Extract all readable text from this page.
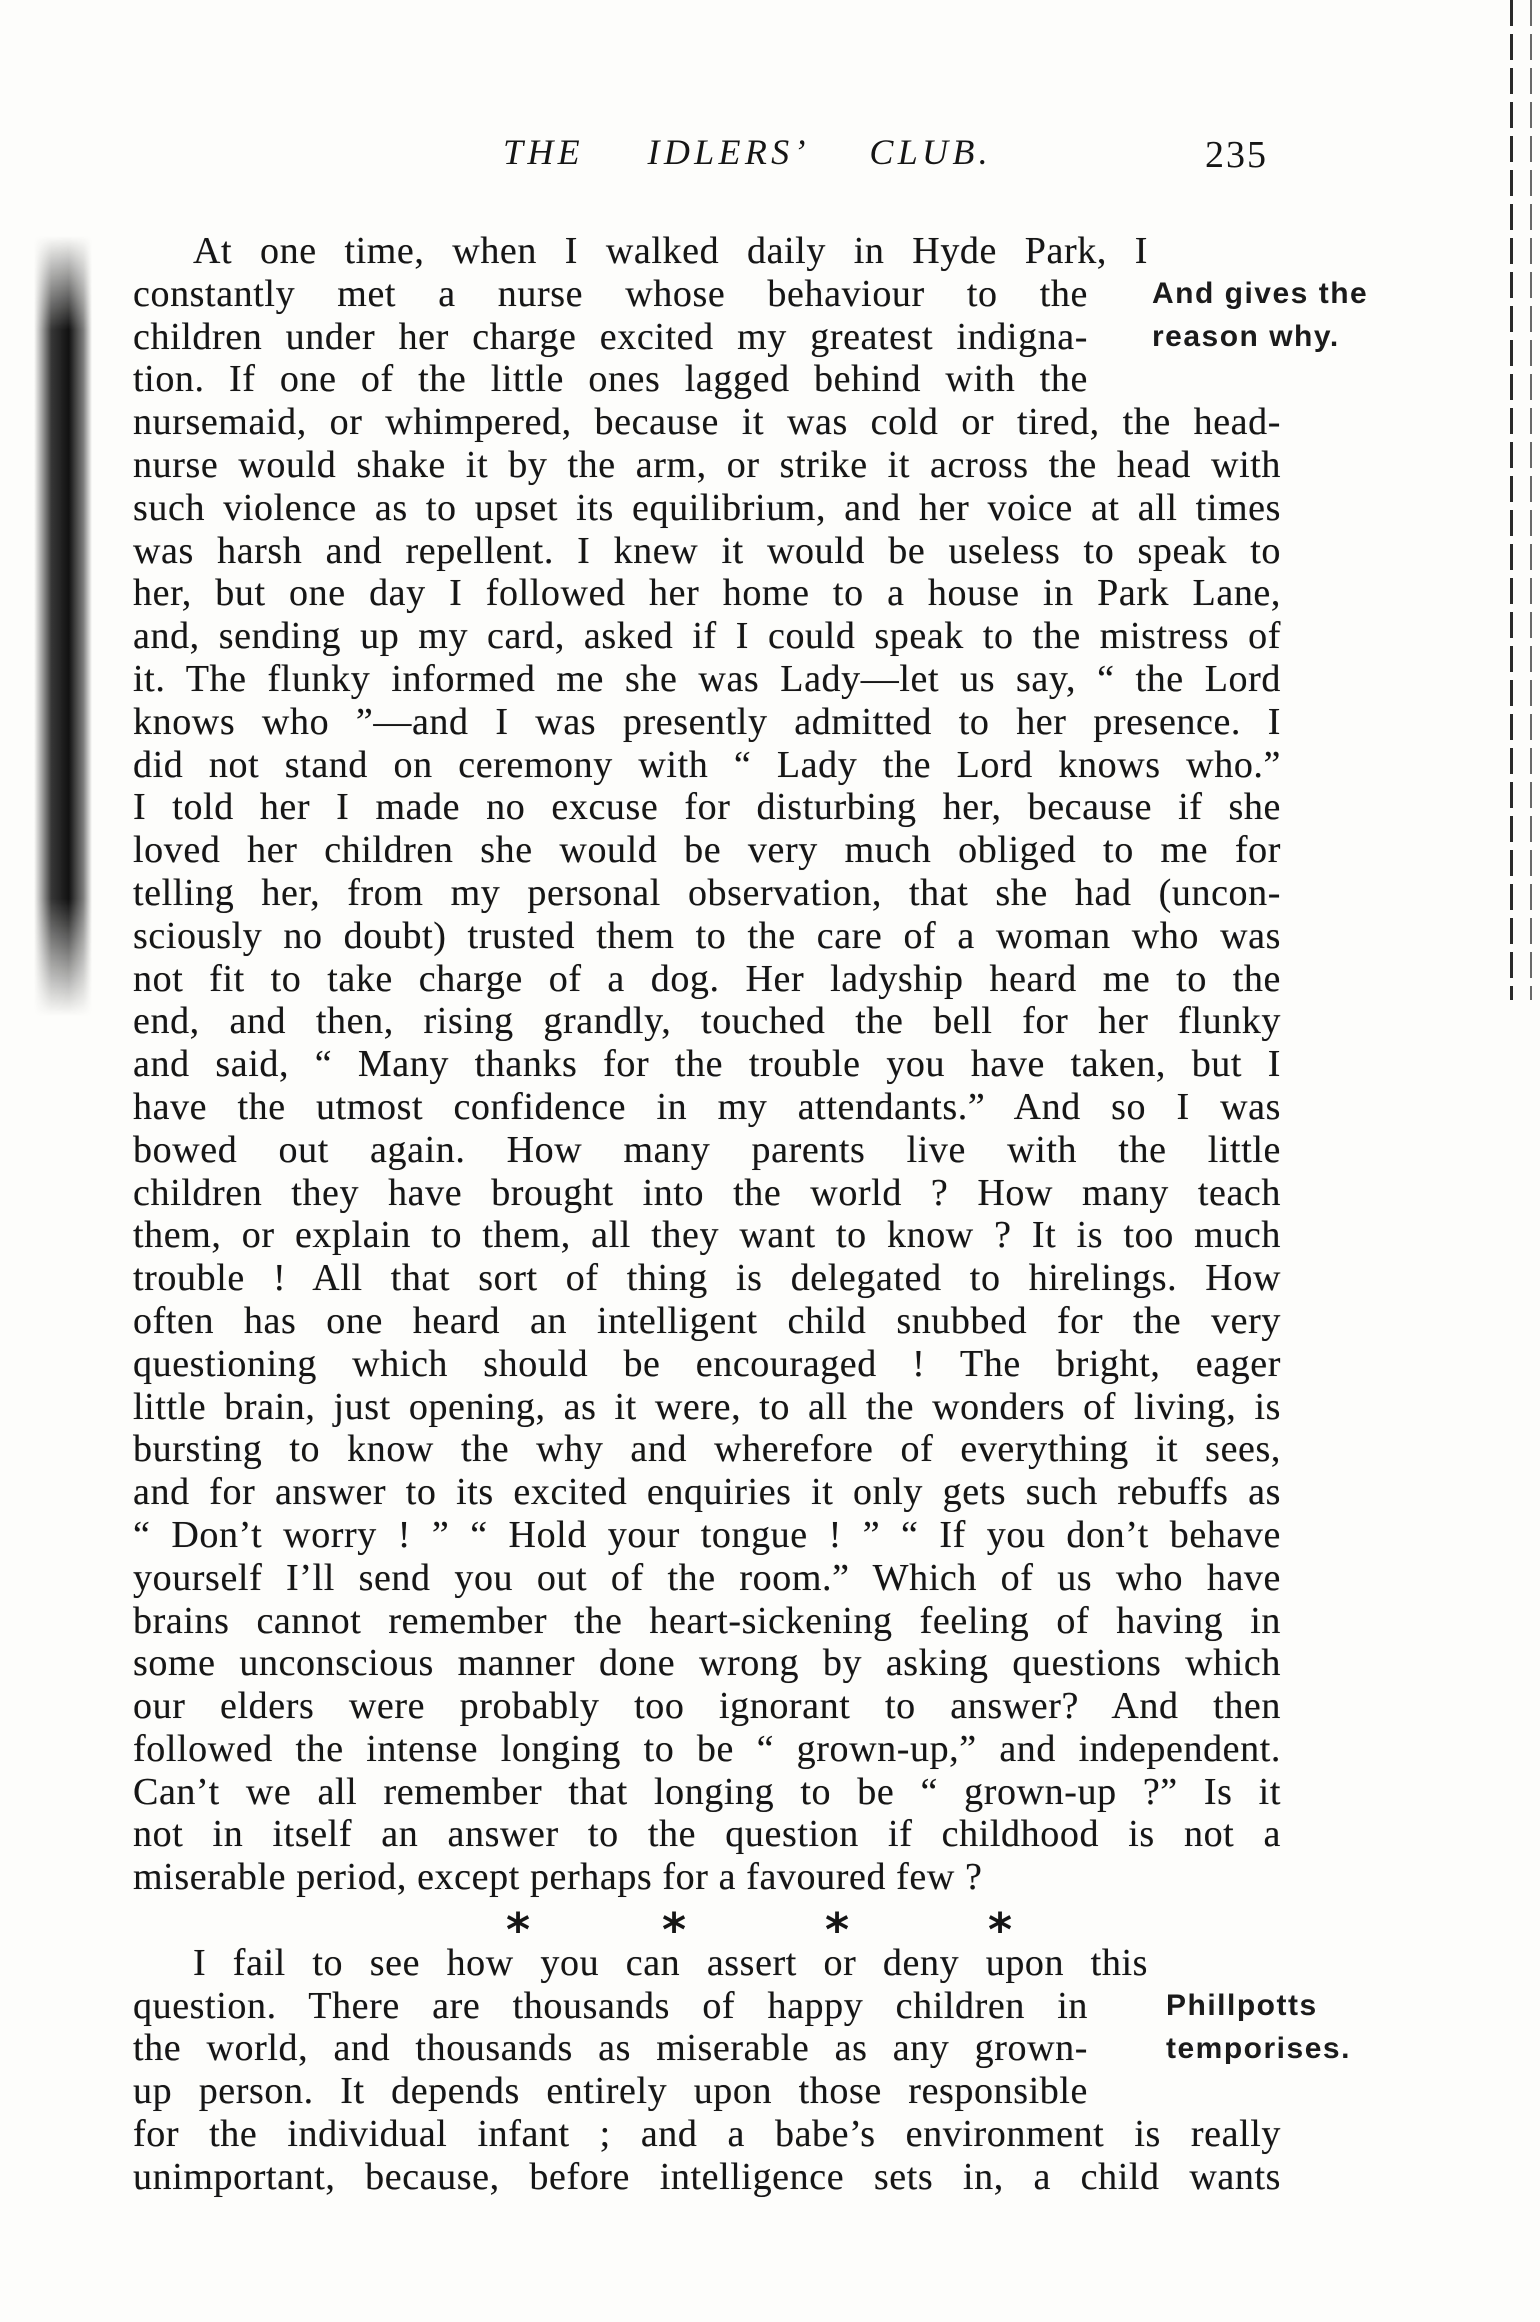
THE IDLERS’ CLUB.	235
And gives the
reason why.
Phillpotts
temporises.
At one time, when I walked daily in Hyde Park, I
constantly met a nurse whose behaviour to the
children under her charge excited my greatest indigna-
tion. If one of the little ones lagged behind with the
nursemaid, or whimpered, because it was cold or tired, the head-
nurse would shake it by the arm, or strike it across the head with
such violence as to upset its equilibrium, and her voice at all times
was harsh and repellent. I knew it would be useless to speak to
her, but one day I followed her home to a house in Park Lane,
and, sending up my card, asked if I could speak to the mistress of
it. The flunky informed me she was Lady—let us say, “ the Lord
knows who ”—and I was presently admitted to her presence. I
did not stand on ceremony with “ Lady the Lord knows who.”
I told her I made no excuse for disturbing her, because if she
loved her children she would be very much obliged to me for
telling her, from my personal observation, that she had (uncon-
sciously no doubt) trusted them to the care of a woman who was
not fit to take charge of a dog. Her ladyship heard me to the
end, and then, rising grandly, touched the bell for her flunky
and said, “ Many thanks for the trouble you have taken, but I
have the utmost confidence in my attendants.” And so I was
bowed out again. How many parents live with the little
children they have brought into the world ? How many teach
them, or explain to them, all they want to know ? It is too much
trouble ! All that sort of thing is delegated to hirelings. How
often has one heard an intelligent child snubbed for the very
questioning which should be encouraged ! The bright, eager
little brain, just opening, as it were, to all the wonders of living, is
bursting to know the why and wherefore of everything it sees,
and for answer to its excited enquiries it only gets such rebuffs as
“ Don’t worry ! ” “ Hold your tongue ! ” “ If you don’t behave
yourself I’ll send you out of the room.” Which of us who have
brains cannot remember the heart-sickening feeling of having in
some unconscious manner done wrong by asking questions which
our elders were probably too ignorant to answer? And then
followed the intense longing to be “ grown-up,” and independent.
Can’t we all remember that longing to be “ grown-up ?” Is it
not in itself an answer to the question if childhood is not a
miserable period, except perhaps for a favoured few ?
*	*	*	*
I fail to see how you can assert or deny upon this
question. There are thousands of happy children in
the world, and thousands as miserable as any grown-
up person. It depends entirely upon those responsible
for the individual infant ; and a babe’s environment is really
unimportant, because, before intelligence sets in, a child wants
